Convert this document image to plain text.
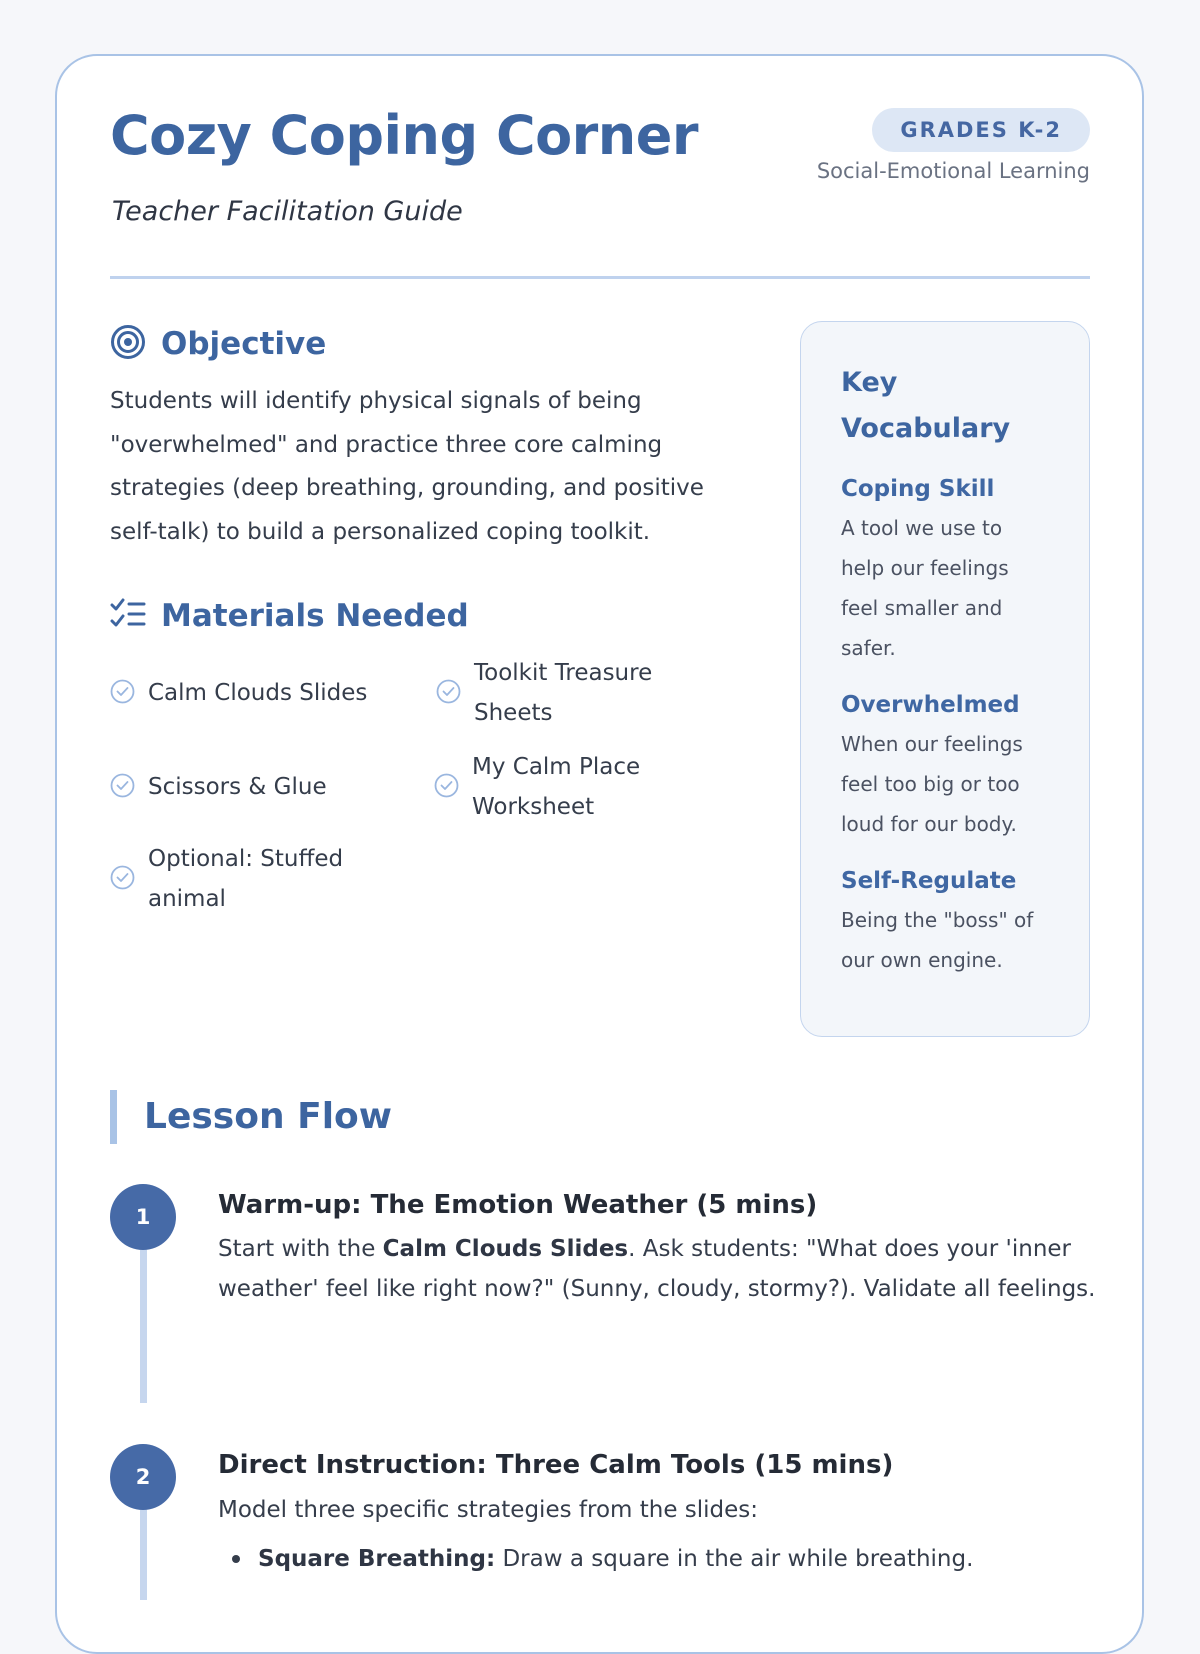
Cozy Coping Corner
Teacher Facilitation Guide
GRADES K-2
Social-Emotional Learning
Objective
Students will identify physical signals of being "overwhelmed" and practice three core calming strategies (deep breathing, grounding, and positive self-talk) to build a personalized coping toolkit.
Materials Needed
Calm Clouds Slides
Toolkit Treasure Sheets
Scissors & Glue
My Calm Place Worksheet
Optional: Stuffed animal
Key Vocabulary
Coping Skill
A tool we use to help our feelings feel smaller and safer.
Overwhelmed
When our feelings feel too big or too loud for our body.
Self-Regulate
Being the "boss" of our own engine.
Lesson Flow
1	Warm-up: The Emotion Weather (5 mins)
Start with the Calm Clouds Slides. Ask students: "What does your 'inner weather' feel like right now?" (Sunny, cloudy, stormy?). Validate all feelings.
2	Direct Instruction: Three Calm Tools (15 mins)
Model three specific strategies from the slides:
Square Breathing: Draw a square in the air while breathing.
